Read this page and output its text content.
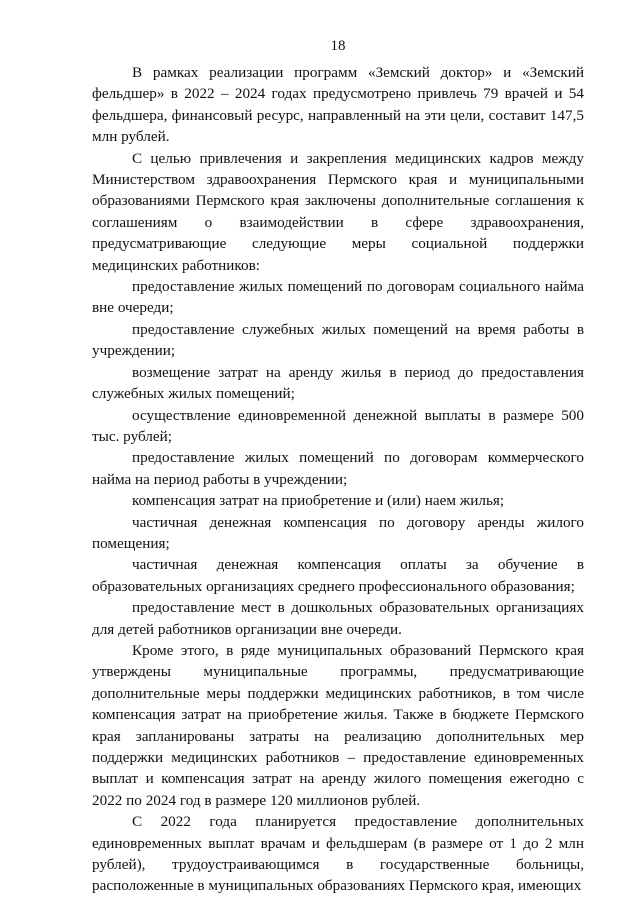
18

В рамках реализации программ «Земский доктор» и «Земский фельдшер» в 2022 – 2024 годах предусмотрено привлечь 79 врачей и 54 фельдшера, финансовый ресурс, направленный на эти цели, составит 147,5 млн рублей.

С целью привлечения и закрепления медицинских кадров между Министерством здравоохранения Пермского края и муниципальными образованиями Пермского края заключены дополнительные соглашения к соглашениям о взаимодействии в сфере здравоохранения, предусматривающие следующие меры социальной поддержки медицинских работников:

предоставление жилых помещений по договорам социального найма вне очереди;

предоставление служебных жилых помещений на время работы в учреждении;

возмещение затрат на аренду жилья в период до предоставления служебных жилых помещений;

осуществление единовременной денежной выплаты в размере 500 тыс. рублей;

предоставление жилых помещений по договорам коммерческого найма на период работы в учреждении;

компенсация затрат на приобретение и (или) наем жилья;

частичная денежная компенсация по договору аренды жилого помещения;

частичная денежная компенсация оплаты за обучение в образовательных организациях среднего профессионального образования;

предоставление мест в дошкольных образовательных организациях для детей работников организации вне очереди.

Кроме этого, в ряде муниципальных образований Пермского края утверждены муниципальные программы, предусматривающие дополнительные меры поддержки медицинских работников, в том числе компенсация затрат на приобретение жилья. Также в бюджете Пермского края запланированы затраты на реализацию дополнительных мер поддержки медицинских работников – предоставление единовременных выплат и компенсация затрат на аренду жилого помещения ежегодно с 2022 по 2024 год в размере 120 миллионов рублей.

С 2022 года планируется предоставление дополнительных единовременных выплат врачам и фельдшерам (в размере от 1 до 2 млн рублей), трудоустраивающимся в государственные больницы, расположенные в муниципальных образованиях Пермского края, имеющих
